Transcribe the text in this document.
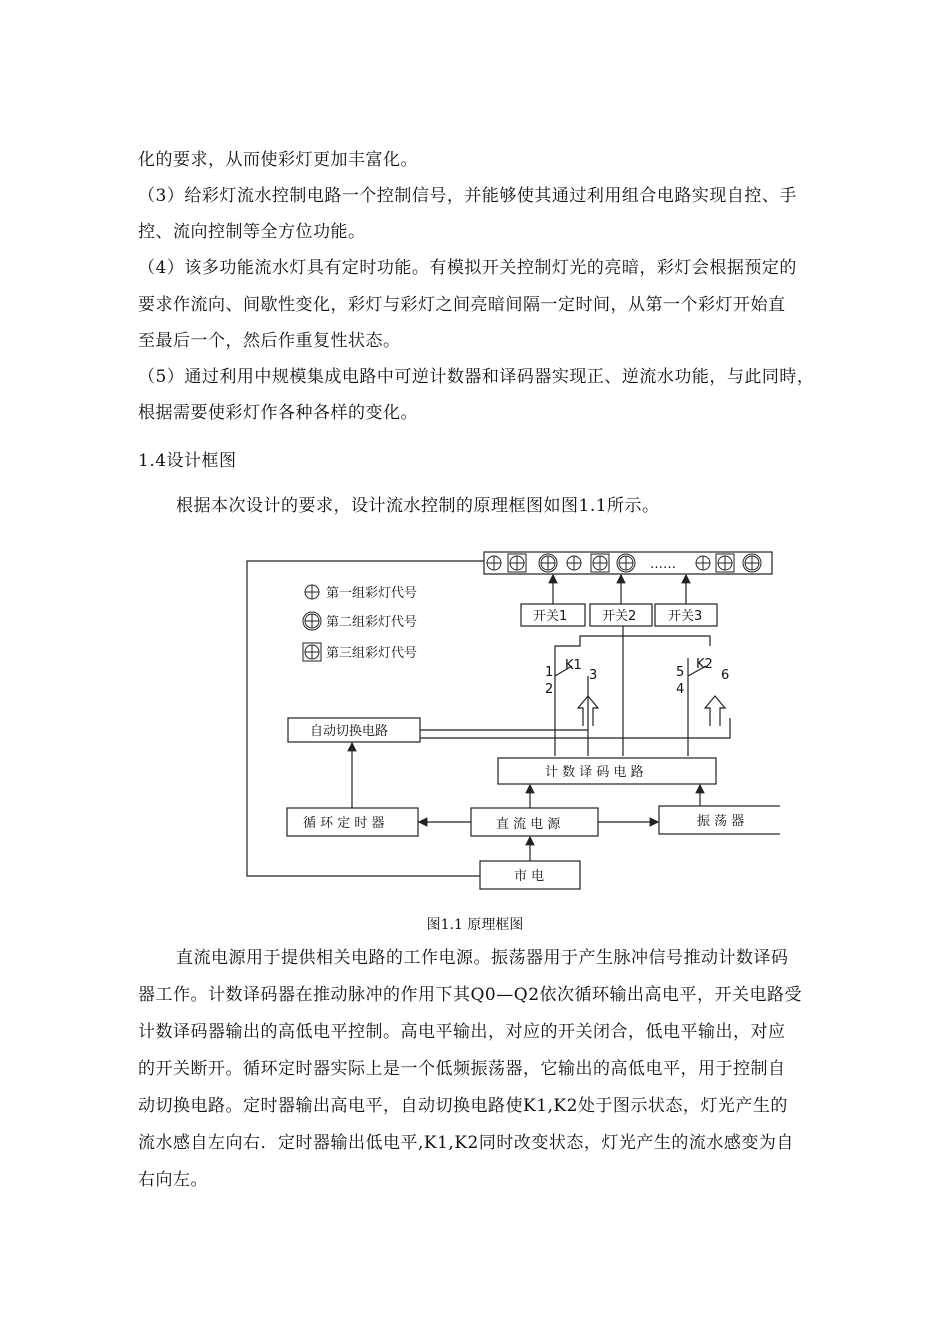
化的要求，从而使彩灯更加丰富化。
（3）给彩灯流水控制电路一个控制信号，并能够使其通过利用组合电路实现自控、手
控、流向控制等全方位功能。
（4）该多功能流水灯具有定时功能。有模拟开关控制灯光的亮暗，彩灯会根据预定的
要求作流向、间歇性变化，彩灯与彩灯之间亮暗间隔一定时间，从第一个彩灯开始直
至最后一个，然后作重复性状态。
（5）通过利用中规模集成电路中可逆计数器和译码器实现正、逆流水功能，与此同時，
根据需要使彩灯作各种各样的变化。
1.4设计框图
根据本次设计的要求，设计流水控制的原理框图如图1.1所示。
……
第一组彩灯代号
第二组彩灯代号
第三组彩灯代号
开关1	开关2 开关3
K1	K2
1
2
3	5
4
6
自动切换电路
计 数 译 码 电 路
循 环 定 时 器	直 流 电 源	振 荡 器
市 电
图1.1 原理框图
直流电源用于提供相关电路的工作电源。振荡器用于产生脉冲信号推动计数译码
器工作。计数译码器在推动脉冲的作用下其Q0—Q2依次循环输出高电平，开关电路受
计数译码器输出的高低电平控制。高电平输出，对应的开关闭合，低电平输出，对应
的开关断开。循环定时器实际上是一个低频振荡器，它输出的高低电平，用于控制自
动切换电路。定时器输出高电平，自动切换电路使K1,K2处于图示状态，灯光产生的
流水感自左向右．定时器输出低电平,K1,K2同时改变状态，灯光产生的流水感变为自
右向左。
